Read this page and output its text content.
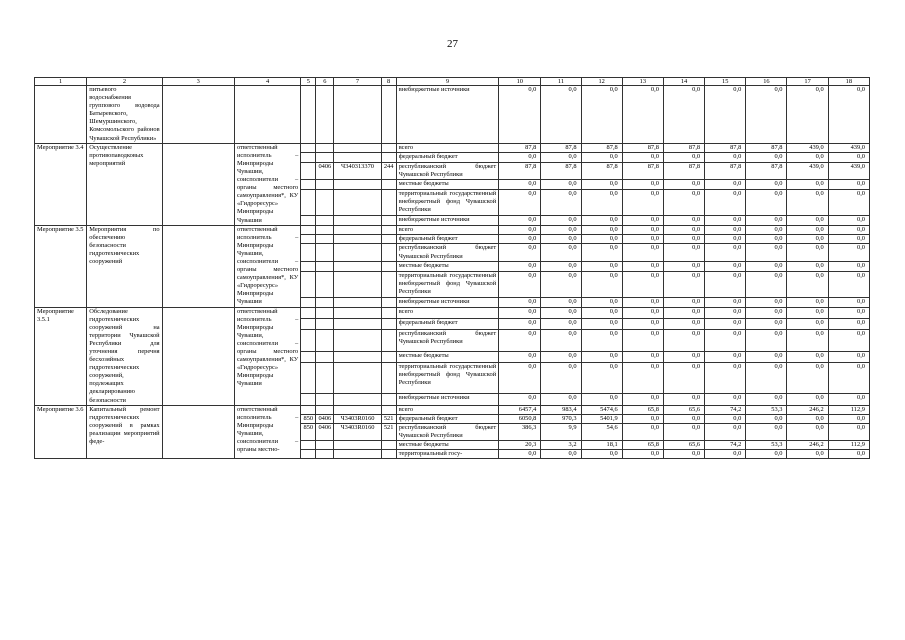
27
1	2	3	4	5	6	7	8	9	10	11	12	13	14	15	16	17	18
	питьевого водоснабжения группового водовода Батыревского, Шемуршинского, Комсомольского районов Чувашской Республики»							внебюджетные источники	0,0	0,0	0,0	0,0	0,0	0,0	0,0	0,0	0,0
Мероприятие 3.4	Осуществление противопаводковых мероприятий		ответственный исполнитель – Минприроды Чувашии, соисполнители – органы местного самоуправления*, КУ «Гидроресурс» Минприроды Чувашии					всего	87,8	87,8	87,8	87,8	87,8	87,8	87,8	439,0	439,0
								федеральный бюджет	0,0	0,0	0,0	0,0	0,0	0,0	0,0	0,0	0,0
					0406	Ч340313370	244	республиканский бюджет Чувашской Республики	87,8	87,8	87,8	87,8	87,8	87,8	87,8	439,0	439,0
								местные бюджеты	0,0	0,0	0,0	0,0	0,0	0,0	0,0	0,0	0,0
								территориальный государственный внебюджетный фонд Чувашской Республики	0,0	0,0	0,0	0,0	0,0	0,0	0,0	0,0	0,0
								внебюджетные источники	0,0	0,0	0,0	0,0	0,0	0,0	0,0	0,0	0,0
Мероприятие 3.5	Мероприятия по обеспечению безопасности гидротехнических сооружений		ответственный исполнитель – Минприроды Чувашии, соисполнители – органы местного самоуправления*, КУ «Гидроресурс» Минприроды Чувашии					всего	0,0	0,0	0,0	0,0	0,0	0,0	0,0	0,0	0,0
								федеральный бюджет	0,0	0,0	0,0	0,0	0,0	0,0	0,0	0,0	0,0
								республиканский бюджет Чувашской Республики	0,0	0,0	0,0	0,0	0,0	0,0	0,0	0,0	0,0
								местные бюджеты	0,0	0,0	0,0	0,0	0,0	0,0	0,0	0,0	0,0
								территориальный государственный внебюджетный фонд Чувашской Республики	0,0	0,0	0,0	0,0	0,0	0,0	0,0	0,0	0,0
								внебюджетные источники	0,0	0,0	0,0	0,0	0,0	0,0	0,0	0,0	0,0
Мероприятие 3.5.1	Обследование гидротехнических сооружений на территории Чувашской Республики для уточнения перечня бесхозяйных гидротехнических сооружений, подлежащих декларированию безопасности		ответственный исполнитель – Минприроды Чувашии, соисполнители – органы местного самоуправления*, КУ «Гидроресурс» Минприроды Чувашии					всего	0,0	0,0	0,0	0,0	0,0	0,0	0,0	0,0	0,0
								федеральный бюджет	0,0	0,0	0,0	0,0	0,0	0,0	0,0	0,0	0,0
								республиканский бюджет Чувашской Республики	0,0	0,0	0,0	0,0	0,0	0,0	0,0	0,0	0,0
								местные бюджеты	0,0	0,0	0,0	0,0	0,0	0,0	0,0	0,0	0,0
								территориальный государственный внебюджетный фонд Чувашской Республики	0,0	0,0	0,0	0,0	0,0	0,0	0,0	0,0	0,0
								внебюджетные источники	0,0	0,0	0,0	0,0	0,0	0,0	0,0	0,0	0,0
Мероприятие 3.6	Капитальный ремонт гидротехнических сооружений в рамках реализации мероприятий феде-		ответственный исполнитель – Минприроды Чувашии, соисполнители – органы местно-					всего	6457,4	983,4	5474,6	65,8	65,6	74,2	53,3	246,2	112,9
				850	0406	Ч3403R0160	521	федеральный бюджет	6050,8	970,3	5401,9	0,0	0,0	0,0	0,0	0,0	0,0
				850	0406	Ч3403R0160	521	республиканский бюджет Чувашской Республики	386,3	9,9	54,6	0,0	0,0	0,0	0,0	0,0	0,0
								местные бюджеты	20,3	3,2	18,1	65,8	65,6	74,2	53,3	246,2	112,9
								территориальный госу-	0,0	0,0	0,0	0,0	0,0	0,0	0,0	0,0	0,0
